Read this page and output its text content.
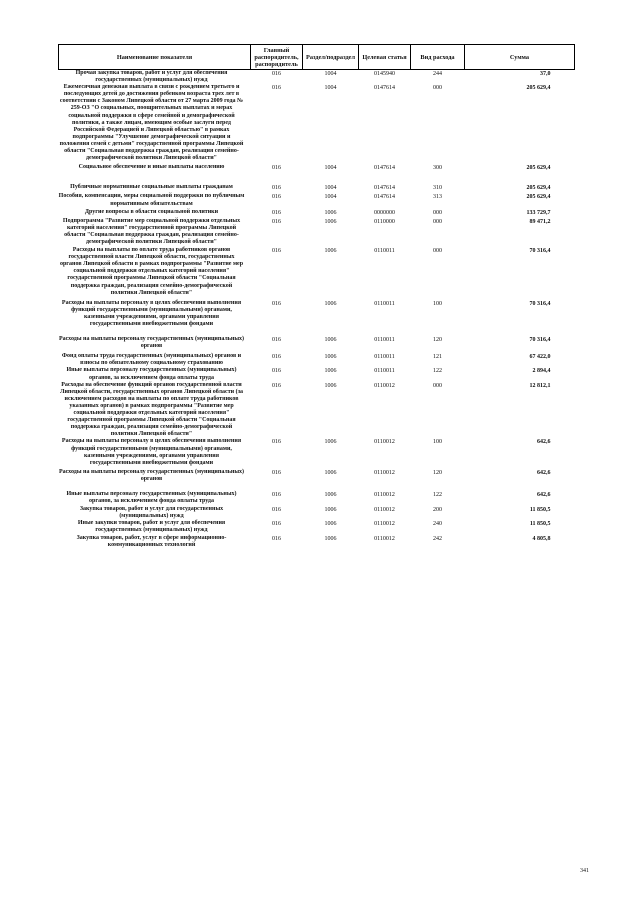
Наименование показателя	Главный распорядитель, распорядитель	Раздел/подраздел	Целевая статья	Вид расхода	Сумма
Прочая закупка товаров, работ и услуг для обеспечения государственных (муниципальных) нужд	016	1004	0145940	244	37,0
Ежемесячная денежная выплата в связи с рождением третьего и последующих детей до достижения ребенком возраста трех лет в соответствии с Законом Липецкой области от 27 марта 2009 года № 259-ОЗ "О социальных, поощрительных выплатах и мерах социальной поддержки в сфере семейной и демографической политики, а также лицам, имеющим особые заслуги перед Российской Федерацией и Липецкой областью" в рамках подпрограммы "Улучшение демографической ситуации и положения семей с детьми" государственной программы Липецкой области "Социальная поддержка граждан, реализация семейно-демографической политики Липецкой области"	016	1004	0147614	000	205 629,4
Социальное обеспечение и иные выплаты населению	016	1004	0147614	300	205 629,4
Публичные нормативные социальные выплаты гражданам	016	1004	0147614	310	205 629,4
Пособия, компенсации, меры социальной поддержки по публичным нормативным обязательствам	016	1004	0147614	313	205 629,4
Другие вопросы в области социальной политики	016	1006	0000000	000	133 729,7
Подпрограмма "Развитие мер социальной поддержки отдельных категорий населения" государственной программы Липецкой области "Социальная поддержка граждан, реализация семейно-демографической политики Липецкой области"	016	1006	0110000	000	89 471,2
Расходы на выплаты по оплате труда работников органов государственной власти Липецкой области, государственных органов Липецкой области в рамках подпрограммы "Развитие мер социальной поддержки отдельных категорий населения" государственной программы Липецкой области "Социальная поддержка граждан, реализация семейно-демографической политики Липецкой области"	016	1006	0110011	000	70 316,4
Расходы на выплаты персоналу в целях обеспечения выполнения функций государственными (муниципальными) органами, казенными учреждениями, органами управления государственными внебюджетными фондами	016	1006	0110011	100	70 316,4
Расходы на выплаты персоналу государственных (муниципальных) органов	016	1006	0110011	120	70 316,4
Фонд оплаты труда государственных (муниципальных) органов и взносы по обязательному социальному страхованию	016	1006	0110011	121	67 422,0
Иные выплаты персоналу государственных (муниципальных) органов, за исключением фонда оплаты труда	016	1006	0110011	122	2 894,4
Расходы на обеспечение функций органов государственной власти Липецкой области, государственных органов Липецкой области (за исключением расходов на выплаты по оплате труда работников указанных органов) в рамках подпрограммы "Развитие мер социальной поддержки отдельных категорий населения" государственной программы Липецкой области "Социальная поддержка граждан, реализация семейно-демографической политики Липецкой области"	016	1006	0110012	000	12 812,1
Расходы на выплаты персоналу в целях обеспечения выполнения функций государственными (муниципальными) органами, казенными учреждениями, органами управления государственными внебюджетными фондами	016	1006	0110012	100	642,6
Расходы на выплаты персоналу государственных (муниципальных) органов	016	1006	0110012	120	642,6
Иные выплаты персоналу государственных (муниципальных) органов, за исключением фонда оплаты труда	016	1006	0110012	122	642,6
Закупка товаров, работ и услуг для государственных (муниципальных) нужд	016	1006	0110012	200	11 850,5
Иные закупки товаров, работ и услуг для обеспечения государственных (муниципальных) нужд	016	1006	0110012	240	11 850,5
Закупка товаров, работ, услуг в сфере информационно-коммуникационных технологий	016	1006	0110012	242	4 805,8
341
